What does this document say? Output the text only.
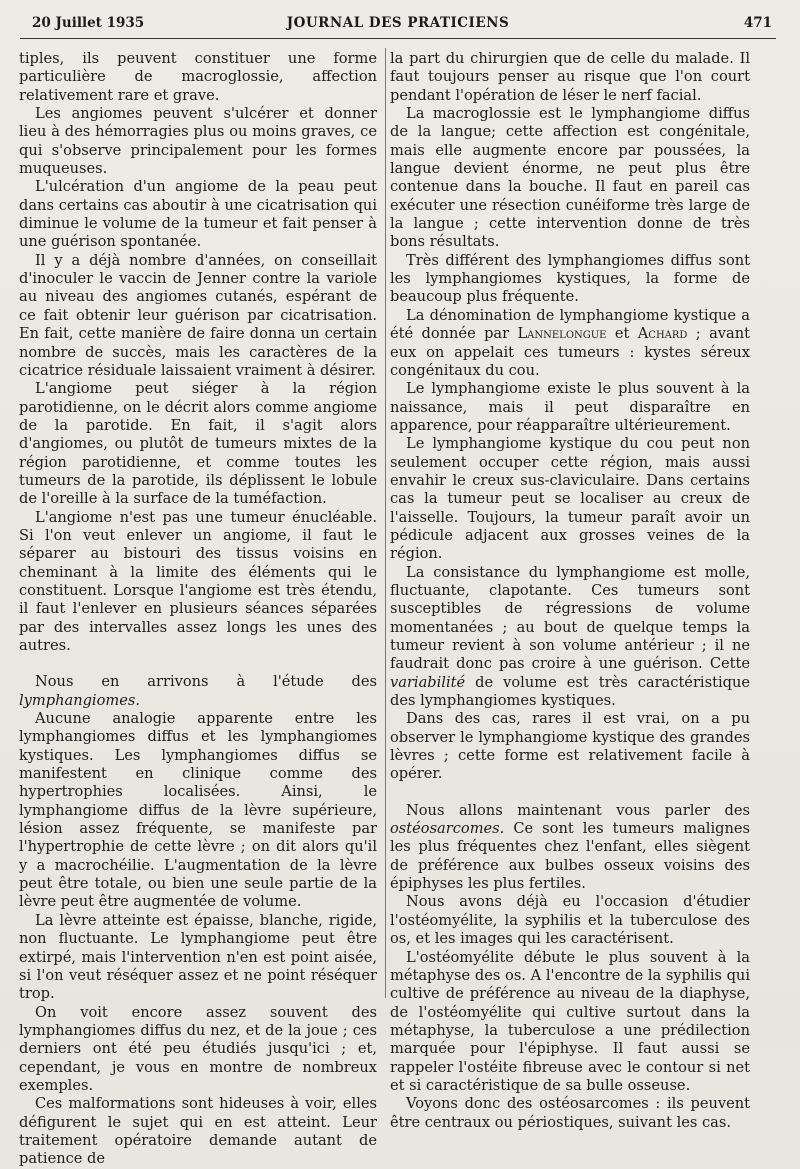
20 Juillet 1935	JOURNAL DES PRATICIENS	471

tiples, ils peuvent constituer une forme particulière de macroglossie, affection relativement rare et grave.

Les angiomes peuvent s'ulcérer et donner lieu à des hémorragies plus ou moins graves, ce qui s'observe principalement pour les formes muqueuses.

L'ulcération d'un angiome de la peau peut dans certains cas aboutir à une cicatrisation qui diminue le volume de la tumeur et fait penser à une guérison spontanée.

Il y a déjà nombre d'années, on conseillait d'inoculer le vaccin de Jenner contre la variole au niveau des angiomes cutanés, espérant de ce fait obtenir leur guérison par cicatrisation. En fait, cette manière de faire donna un certain nombre de succès, mais les caractères de la cicatrice résiduale laissaient vraiment à désirer.

L'angiome peut siéger à la région parotidienne, on le décrit alors comme angiome de la parotide. En fait, il s'agit alors d'angiomes, ou plutôt de tumeurs mixtes de la région parotidienne, et comme toutes les tumeurs de la parotide, ils déplissent le lobule de l'oreille à la surface de la tuméfaction.

L'angiome n'est pas une tumeur énucléable. Si l'on veut enlever un angiome, il faut le séparer au bistouri des tissus voisins en cheminant à la limite des éléments qui le constituent. Lorsque l'angiome est très étendu, il faut l'enlever en plusieurs séances séparées par des intervalles assez longs les unes des autres.

Nous en arrivons à l'étude des lymphangiomes.

Aucune analogie apparente entre les lymphangiomes diffus et les lymphangiomes kystiques. Les lymphangiomes diffus se manifestent en clinique comme des hypertrophies localisées. Ainsi, le lymphangiome diffus de la lèvre supérieure, lésion assez fréquente, se manifeste par l'hypertrophie de cette lèvre ; on dit alors qu'il y a macrochéilie. L'augmentation de la lèvre peut être totale, ou bien une seule partie de la lèvre peut être augmentée de volume.

La lèvre atteinte est épaisse, blanche, rigide, non fluctuante. Le lymphangiome peut être extirpé, mais l'intervention n'en est point aisée, si l'on veut réséquer assez et ne point réséquer trop.

On voit encore assez souvent des lymphangiomes diffus du nez, et de la joue ; ces derniers ont été peu étudiés jusqu'ici ; et, cependant, je vous en montre de nombreux exemples.

Ces malformations sont hideuses à voir, elles défigurent le sujet qui en est atteint. Leur traitement opératoire demande autant de patience de

la part du chirurgien que de celle du malade. Il faut toujours penser au risque que l'on court pendant l'opération de léser le nerf facial.

La macroglossie est le lymphangiome diffus de la langue; cette affection est congénitale, mais elle augmente encore par poussées, la langue devient énorme, ne peut plus être contenue dans la bouche. Il faut en pareil cas exécuter une résection cunéiforme très large de la langue ; cette intervention donne de très bons résultats.

Très différent des lymphangiomes diffus sont les lymphangiomes kystiques, la forme de beaucoup plus fréquente.

La dénomination de lymphangiome kystique a été donnée par Lannelongue et Achard ; avant eux on appelait ces tumeurs : kystes séreux congénitaux du cou.

Le lymphangiome existe le plus souvent à la naissance, mais il peut disparaître en apparence, pour réapparaître ultérieurement.

Le lymphangiome kystique du cou peut non seulement occuper cette région, mais aussi envahir le creux sus-claviculaire. Dans certains cas la tumeur peut se localiser au creux de l'aisselle. Toujours, la tumeur paraît avoir un pédicule adjacent aux grosses veines de la région.

La consistance du lymphangiome est molle, fluctuante, clapotante. Ces tumeurs sont susceptibles de régressions de volume momentanées ; au bout de quelque temps la tumeur revient à son volume antérieur ; il ne faudrait donc pas croire à une guérison. Cette variabilité de volume est très caractéristique des lymphangiomes kystiques.

Dans des cas, rares il est vrai, on a pu observer le lymphangiome kystique des grandes lèvres ; cette forme est relativement facile à opérer.

Nous allons maintenant vous parler des ostéosarcomes. Ce sont les tumeurs malignes les plus fréquentes chez l'enfant, elles siègent de préférence aux bulbes osseux voisins des épiphyses les plus fertiles.

Nous avons déjà eu l'occasion d'étudier l'ostéomyélite, la syphilis et la tuberculose des os, et les images qui les caractérisent.

L'ostéomyélite débute le plus souvent à la métaphyse des os. A l'encontre de la syphilis qui cultive de préférence au niveau de la diaphyse, de l'ostéomyélite qui cultive surtout dans la métaphyse, la tuberculose a une prédilection marquée pour l'épiphyse. Il faut aussi se rappeler l'ostéite fibreuse avec le contour si net et si caractéristique de sa bulle osseuse.

Voyons donc des ostéosarcomes : ils peuvent être centraux ou périostiques, suivant les cas.
